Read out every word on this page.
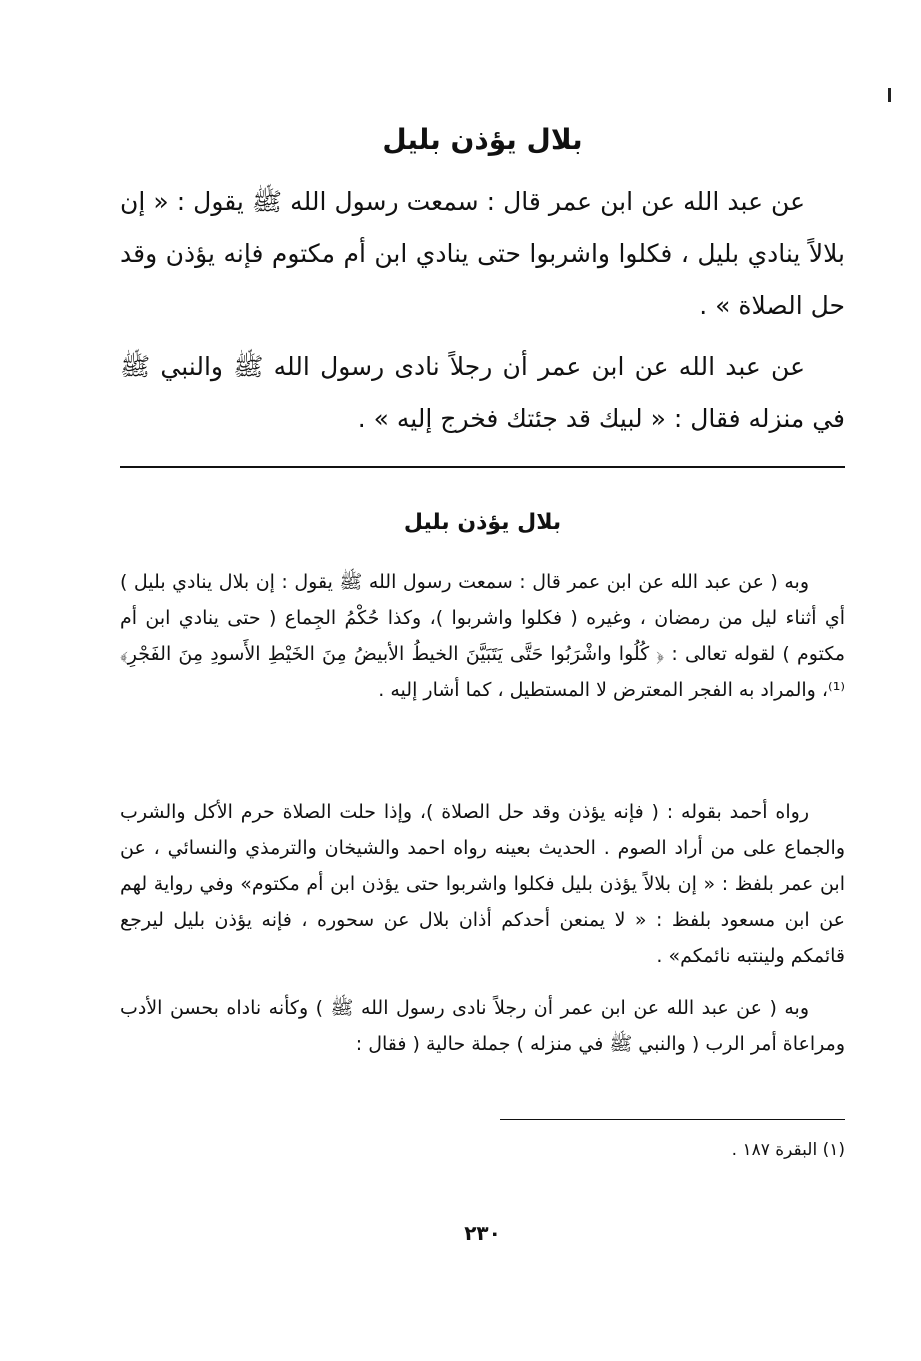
بلال يؤذن بليل

عن عبد الله عن ابن عمر قال : سمعت رسول الله ﷺ يقول : « إن بلالاً ينادي بليل ، فكلوا واشربوا حتى ينادي ابن أم مكتوم فإنه يؤذن وقد حل الصلاة » .

عن عبد الله عن ابن عمر أن رجلاً نادى رسول الله ﷺ والنبي ﷺ في منزله فقال : « لبيك قد جئتك فخرج إليه » .

بلال يؤذن بليل

وبه ( عن عبد الله عن ابن عمر قال : سمعت رسول الله ﷺ يقول : إن بلال ينادي بليل ) أي أثناء ليل من رمضان ، وغيره ( فكلوا واشربوا )، وكذا حُكْمُ الجِماع ( حتى ينادي ابن أم مكتوم ) لقوله تعالى : ﴿ كُلُوا واشْرَبُوا حَتَّى يَتَبَيَّنَ الخيطُ الأبيضُ مِنَ الخَيْطِ الأَسودِ مِنَ الفَجْرِ﴾⁽¹⁾، والمراد به الفجر المعترض لا المستطيل ، كما أشار إليه .

رواه أحمد بقوله : ( فإنه يؤذن وقد حل الصلاة )، وإذا حلت الصلاة حرم الأكل والشرب والجماع على من أراد الصوم . الحديث بعينه رواه احمد والشيخان والترمذي والنسائي ، عن ابن عمر بلفظ : « إن بلالاً يؤذن بليل فكلوا واشربوا حتى يؤذن ابن أم مكتوم» وفي رواية لهم عن ابن مسعود بلفظ : « لا يمنعن أحدكم أذان بلال عن سحوره ، فإنه يؤذن بليل ليرجع قائمكم ولينتبه نائمكم» .

وبه ( عن عبد الله عن ابن عمر أن رجلاً نادى رسول الله ﷺ ) وكأنه ناداه بحسن الأدب ومراعاة أمر الرب ( والنبي ﷺ في منزله ) جملة حالية ( فقال :

(١) البقرة ١٨٧ .
٢٣٠
